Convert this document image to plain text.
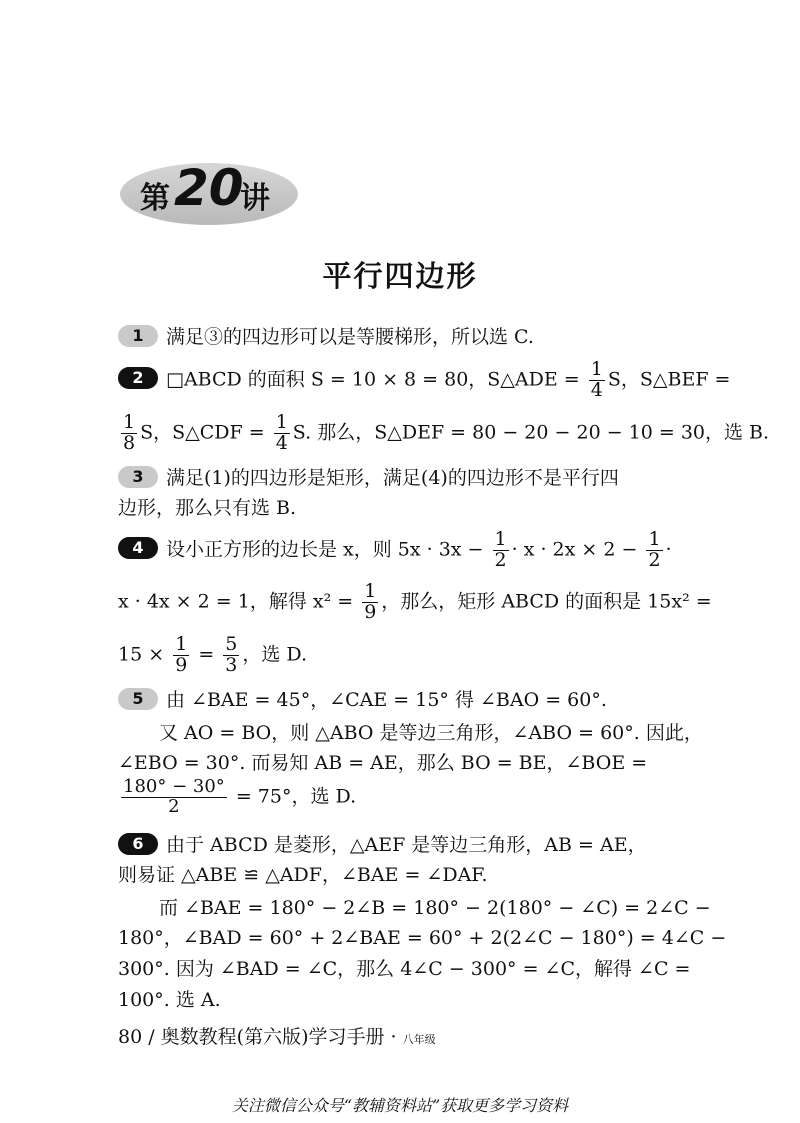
第 20
讲
平行四边形
1 满足③的四边形可以是等腰梯形，所以选 C.
2 □ABCD 的面积 S = 10 × 8 = 80，S△ADE = $\frac{1}{4}$ S，S△BEF =
$\frac{1}{8}$ S，S△CDF = $\frac{1}{4} S$. 那么，S△DEF = 80 − 20 − 20 − 10 = 30，选 B.
3 满足(1)的四边形是矩形，满足(4)的四边形不是平行四
边形，那么只有选 B.
4 设小正方形的边长是 x，则 $5x \cdot 3x - \frac{1}{2} \cdot x \cdot 2x \times 2 - \frac{1}{2}$ ·
x · 4x × 2 = 1，解得 $x^2 = \frac{1}{9}$ ，那么，矩形 ABCD 的面积是 15x² =
$15 \times \frac{1}{9} = \frac{5}{3}$ ，选 D.
5 由 ∠BAE = 45°，∠CAE = 15° 得 ∠BAO = 60°.
又 AO = BO，则 △ABO 是等边三角形，∠ABO = 60°. 因此，
∠EBO = 30°. 而易知 AB = AE，那么 BO = BE，∠BOE =
$\frac{180^\circ - 30^\circ}{2} = 75^\circ$，选 D.
6 由于 ABCD 是菱形，△AEF 是等边三角形，AB = AE，
则易证 △ABE ≌ △ADF，∠BAE = ∠DAF.
而 ∠BAE = 180° − 2∠B = 180° − 2(180° − ∠C) = 2∠C −
180°，∠BAD = 60° + 2∠BAE = 60° + 2(2∠C − 180°) = 4∠C −
300°. 因为 ∠BAD = ∠C，那么 4∠C − 300° = ∠C，解得 ∠C =
100°. 选 A.
80 / 奥数教程(第六版)学习手册 · 八年级
关注微信公众号“教辅资料站”获取更多学习资料
